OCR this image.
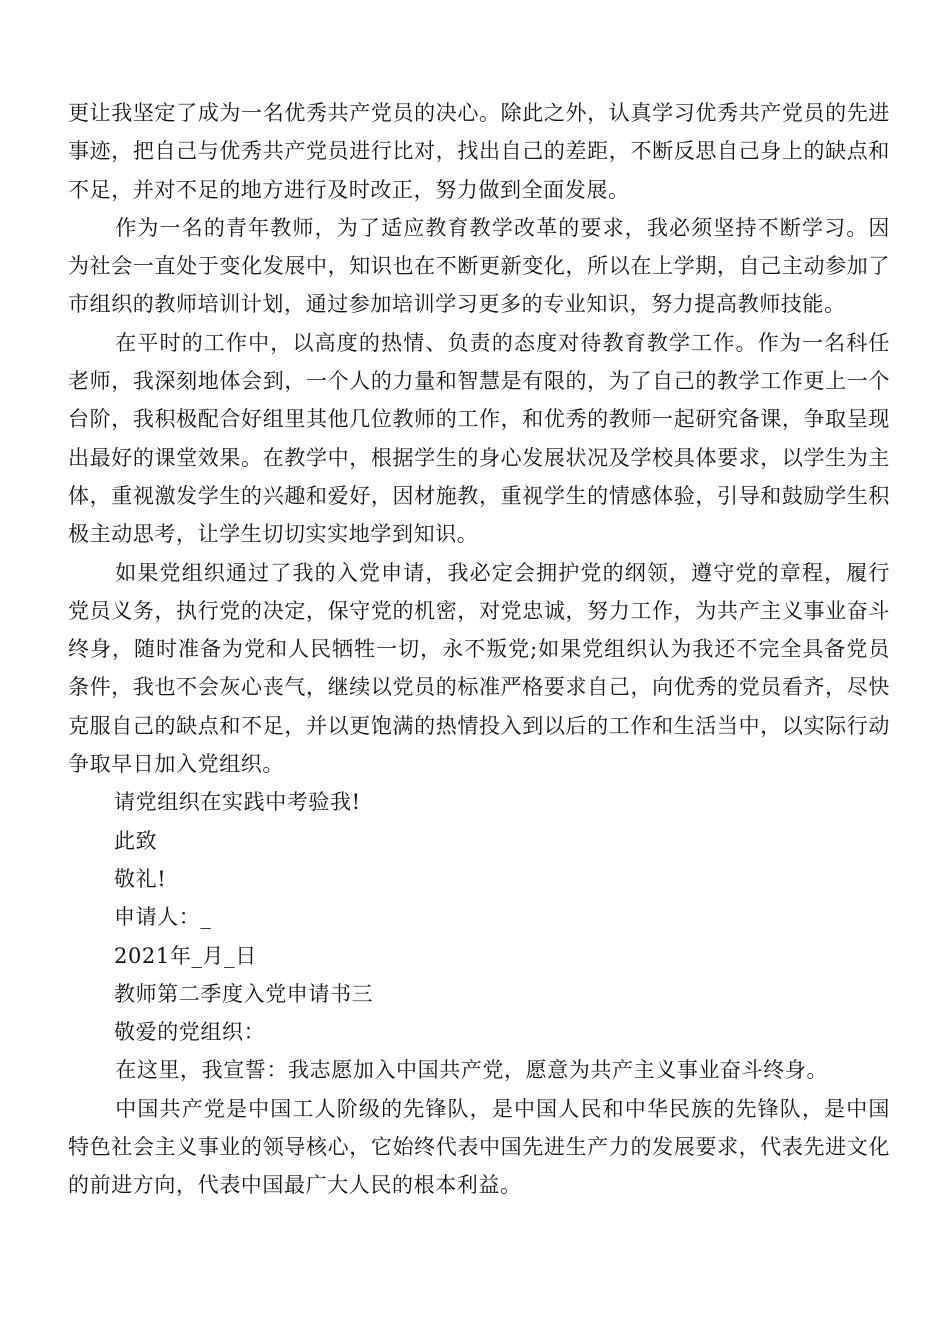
更让我坚定了成为一名优秀共产党员的决心。除此之外，认真学习优秀共产党员的先进事迹，把自己与优秀共产党员进行比对，找出自己的差距，不断反思自己身上的缺点和不足，并对不足的地方进行及时改正，努力做到全面发展。

作为一名的青年教师，为了适应教育教学改革的要求，我必须坚持不断学习。因为社会一直处于变化发展中，知识也在不断更新变化，所以在上学期，自己主动参加了市组织的教师培训计划，通过参加培训学习更多的专业知识，努力提高教师技能。

在平时的工作中，以高度的热情、负责的态度对待教育教学工作。作为一名科任老师，我深刻地体会到，一个人的力量和智慧是有限的，为了自己的教学工作更上一个台阶，我积极配合好组里其他几位教师的工作，和优秀的教师一起研究备课，争取呈现出最好的课堂效果。在教学中，根据学生的身心发展状况及学校具体要求，以学生为主体，重视激发学生的兴趣和爱好，因材施教，重视学生的情感体验，引导和鼓励学生积极主动思考，让学生切切实实地学到知识。

如果党组织通过了我的入党申请，我必定会拥护党的纲领，遵守党的章程，履行党员义务，执行党的决定，保守党的机密，对党忠诚，努力工作，为共产主义事业奋斗终身，随时准备为党和人民牺牲一切，永不叛党;如果党组织认为我还不完全具备党员条件，我也不会灰心丧气，继续以党员的标准严格要求自己，向优秀的党员看齐，尽快克服自己的缺点和不足，并以更饱满的热情投入到以后的工作和生活当中，以实际行动争取早日加入党组织。

请党组织在实践中考验我!

此致

敬礼!

申请人：_

2021年_月_日

教师第二季度入党申请书三

敬爱的党组织：

在这里，我宣誓：我志愿加入中国共产党，愿意为共产主义事业奋斗终身。

中国共产党是中国工人阶级的先锋队，是中国人民和中华民族的先锋队，是中国特色社会主义事业的领导核心，它始终代表中国先进生产力的发展要求，代表先进文化的前进方向，代表中国最广大人民的根本利益。
